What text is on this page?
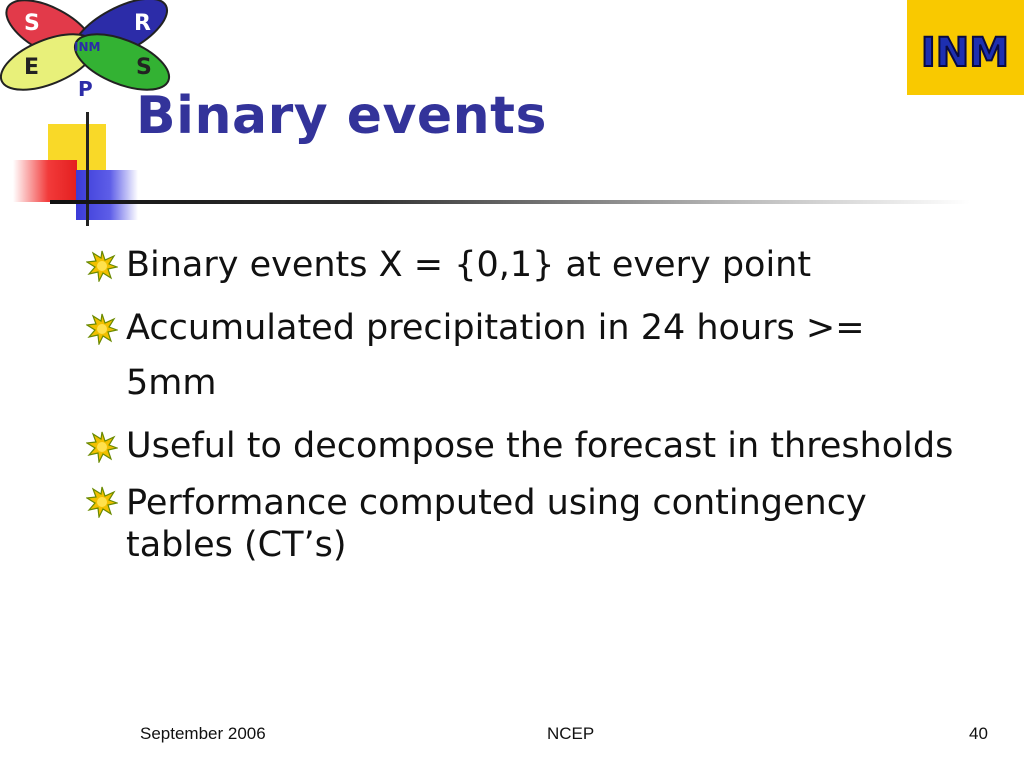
S	R
E	S
P
INM	INM
Binary events
Binary events X = {0,1} at every point
Accumulated precipitation in 24 hours >= 5mm
Useful to decompose the forecast in thresholds
Performance computed using contingency tables (CT’s)
September 2006	NCEP	40
